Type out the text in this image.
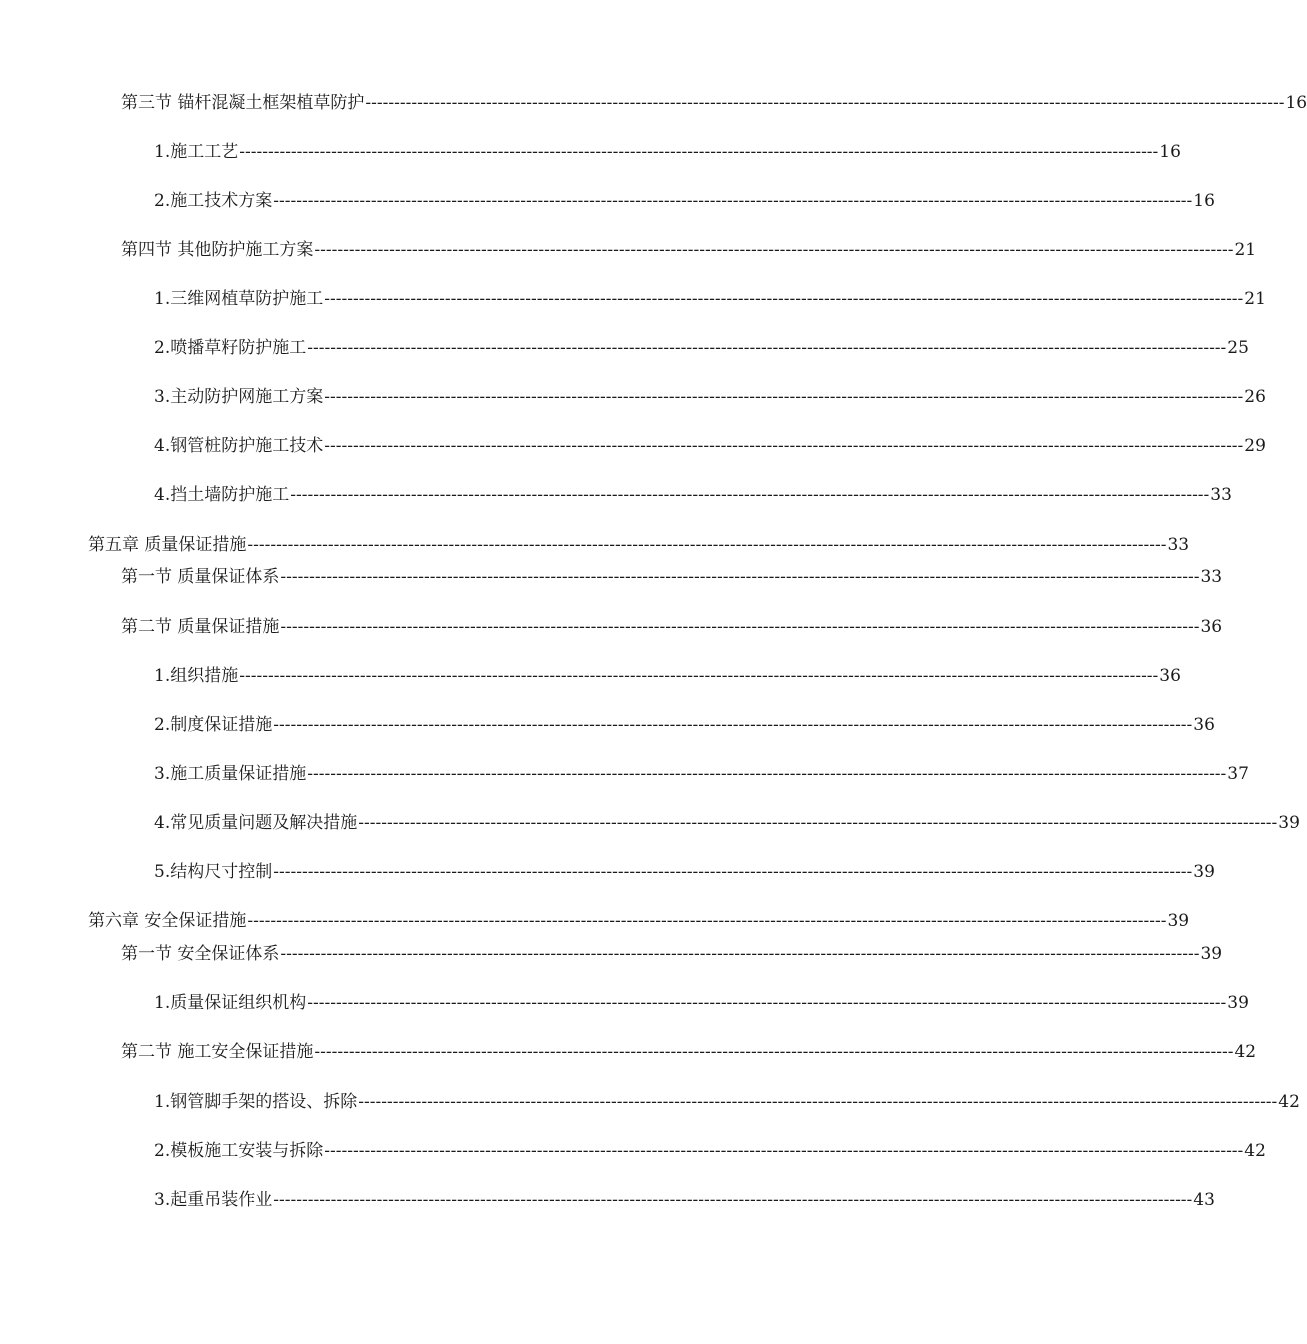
第三节 锚杆混凝土框架植草防护 ---------------------------------------------------------------------------------------------------------------------------------------------------------------- 16
1.施工工艺 ---------------------------------------------------------------------------------------------------------------------------------------------------------------- 16
2.施工技术方案 ---------------------------------------------------------------------------------------------------------------------------------------------------------------- 16
第四节 其他防护施工方案 ---------------------------------------------------------------------------------------------------------------------------------------------------------------- 21
1.三维网植草防护施工 ---------------------------------------------------------------------------------------------------------------------------------------------------------------- 21
2.喷播草籽防护施工 ---------------------------------------------------------------------------------------------------------------------------------------------------------------- 25
3.主动防护网施工方案 ---------------------------------------------------------------------------------------------------------------------------------------------------------------- 26
4.钢管桩防护施工技术 ---------------------------------------------------------------------------------------------------------------------------------------------------------------- 29
4.挡土墙防护施工 ---------------------------------------------------------------------------------------------------------------------------------------------------------------- 33
第五章 质量保证措施 ---------------------------------------------------------------------------------------------------------------------------------------------------------------- 33
第一节 质量保证体系 ---------------------------------------------------------------------------------------------------------------------------------------------------------------- 33
第二节 质量保证措施 ---------------------------------------------------------------------------------------------------------------------------------------------------------------- 36
1.组织措施 ---------------------------------------------------------------------------------------------------------------------------------------------------------------- 36
2.制度保证措施 ---------------------------------------------------------------------------------------------------------------------------------------------------------------- 36
3.施工质量保证措施 ---------------------------------------------------------------------------------------------------------------------------------------------------------------- 37
4.常见质量问题及解决措施 ---------------------------------------------------------------------------------------------------------------------------------------------------------------- 39
5.结构尺寸控制 ---------------------------------------------------------------------------------------------------------------------------------------------------------------- 39
第六章 安全保证措施 ---------------------------------------------------------------------------------------------------------------------------------------------------------------- 39
第一节 安全保证体系 ---------------------------------------------------------------------------------------------------------------------------------------------------------------- 39
1.质量保证组织机构 ---------------------------------------------------------------------------------------------------------------------------------------------------------------- 39
第二节 施工安全保证措施 ---------------------------------------------------------------------------------------------------------------------------------------------------------------- 42
1.钢管脚手架的搭设、拆除 ---------------------------------------------------------------------------------------------------------------------------------------------------------------- 42
2.模板施工安装与拆除 ---------------------------------------------------------------------------------------------------------------------------------------------------------------- 42
3.起重吊装作业 ---------------------------------------------------------------------------------------------------------------------------------------------------------------- 43
